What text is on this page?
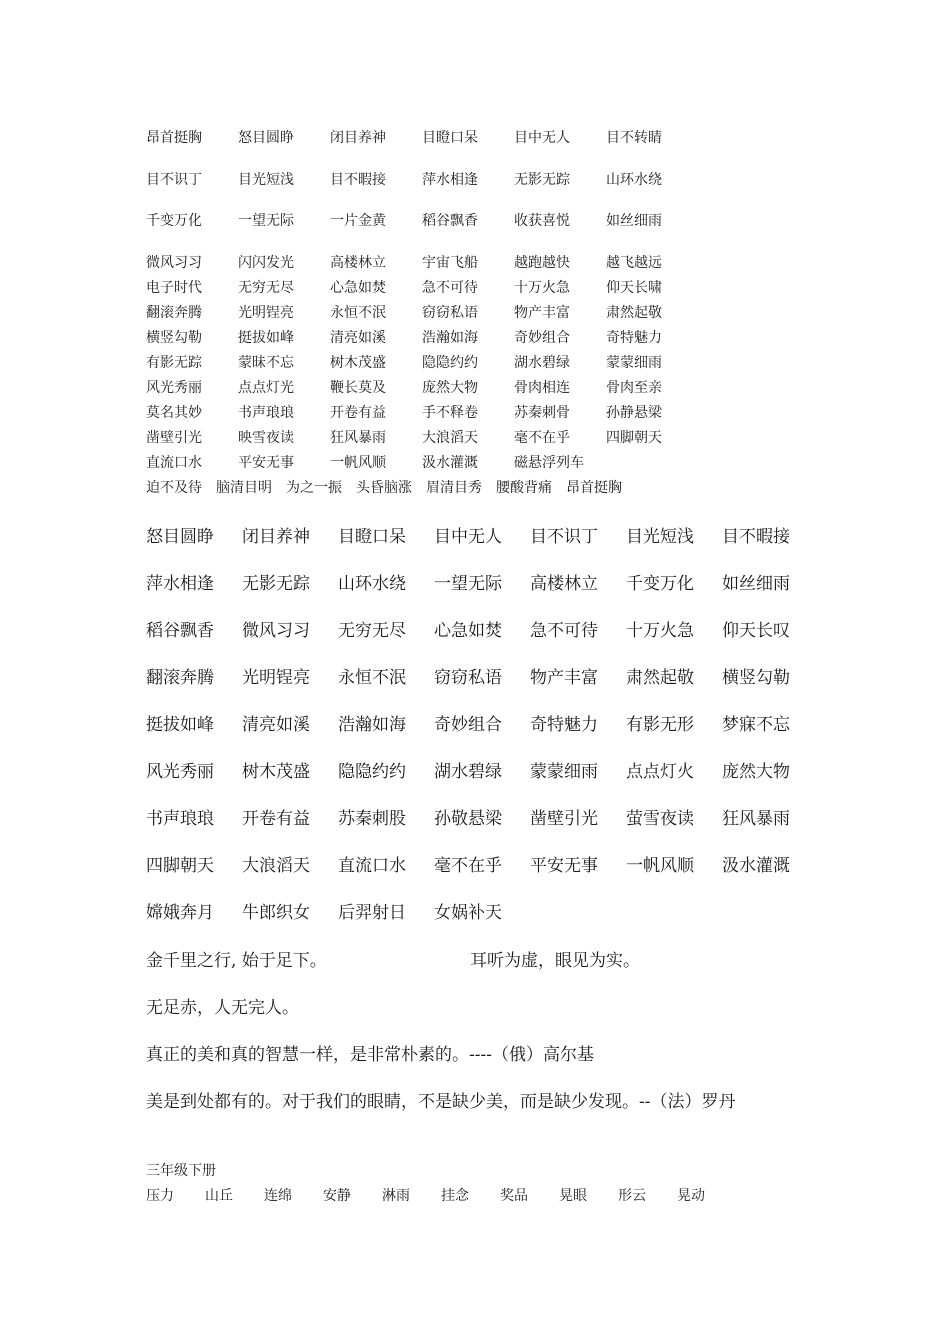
昂首挺胸	怒目圆睁	闭目养神	目瞪口呆	目中无人	目不转睛
目不识丁	目光短浅	目不暇接	萍水相逢	无影无踪	山环水绕
千变万化	一望无际	一片金黄	稻谷飘香	收获喜悦	如丝细雨
微风习习	闪闪发光	高楼林立	宇宙飞船	越跑越快	越飞越远
电子时代	无穷无尽	心急如焚	急不可待	十万火急	仰天长啸
翻滚奔腾	光明锃亮	永恒不泯	窃窃私语	物产丰富	肃然起敬
横竖勾勒	挺拔如峰	清亮如溪	浩瀚如海	奇妙组合	奇特魅力
有影无踪	蒙昧不忘	树木茂盛	隐隐约约	湖水碧绿	蒙蒙细雨
风光秀丽	点点灯光	鞭长莫及	庞然大物	骨肉相连	骨肉至亲
莫名其妙	书声琅琅	开卷有益	手不释卷	苏秦刺骨	孙静悬梁
凿壁引光	映雪夜读	狂风暴雨	大浪滔天	毫不在乎	四脚朝天
直流口水	平安无事	一帆风顺	汲水灌溉	磁悬浮列车
迫不及待　脑清目明　为之一振　头昏脑涨　眉清目秀　腰酸背痛　昂首挺胸
怒目圆睁 闭目养神 目瞪口呆 目中无人 目不识丁 目光短浅 目不暇接
萍水相逢 无影无踪 山环水绕 一望无际 高楼林立 千变万化 如丝细雨
稻谷飘香 微风习习 无穷无尽 心急如焚 急不可待 十万火急 仰天长叹
翻滚奔腾 光明锃亮 永恒不泯 窃窃私语 物产丰富 肃然起敬 横竖勾勒
挺拔如峰 清亮如溪 浩瀚如海 奇妙组合 奇特魅力 有影无形 梦寐不忘
风光秀丽 树木茂盛 隐隐约约 湖水碧绿 蒙蒙细雨 点点灯火 庞然大物
书声琅琅 开卷有益 苏秦刺股 孙敬悬梁 凿壁引光 萤雪夜读 狂风暴雨
四脚朝天 大浪滔天 直流口水 毫不在乎 平安无事 一帆风顺 汲水灌溉
嫦娥奔月 牛郎织女 后羿射日 女娲补天
金千里之行, 始于足下。	耳听为虚，眼见为实。
无足赤，人无完人。
真正的美和真的智慧一样，是非常朴素的。----（俄）高尔基
美是到处都有的。对于我们的眼睛，不是缺少美，而是缺少发现。--（法）罗丹
三年级下册
压力 山丘 连绵 安静 淋雨 挂念 奖品 晃眼 形云 晃动
